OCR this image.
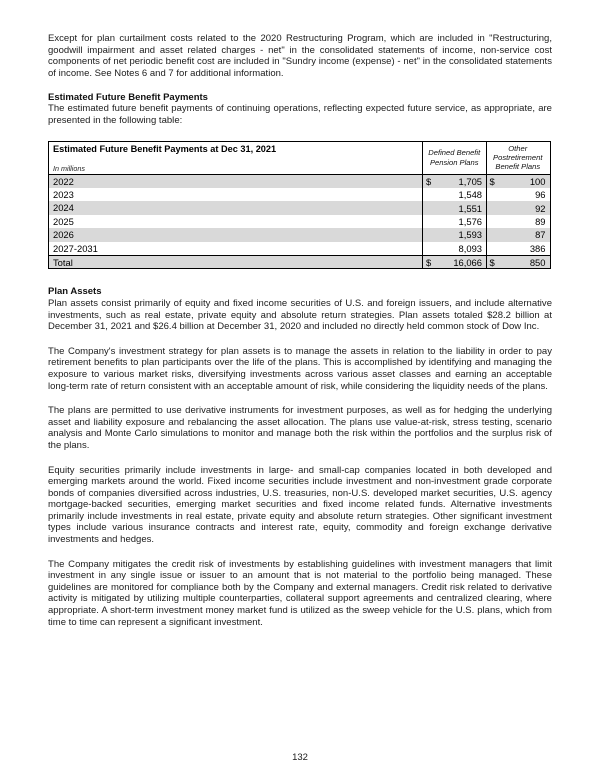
Except for plan curtailment costs related to the 2020 Restructuring Program, which are included in "Restructuring, goodwill impairment and asset related charges - net" in the consolidated statements of income, non-service cost components of net periodic benefit cost are included in "Sundry income (expense) - net" in the consolidated statements of income. See Notes 6 and 7 for additional information.

Estimated Future Benefit Payments

The estimated future benefit payments of continuing operations, reflecting expected future service, as appropriate, are presented in the following table:

Estimated Future Benefit Payments at Dec 31, 2021
In millions
Defined Benefit Pension Plans
Other Postretirement Benefit Plans
2022	$	1,705 $	100
2023	1,548	96
2024	1,551	92
2025	1,576	89
2026	1,593	87
2027-2031	8,093	386
Total	$ 16,066 $	850
Plan Assets

Plan assets consist primarily of equity and fixed income securities of U.S. and foreign issuers, and include alternative investments, such as real estate, private equity and absolute return strategies. Plan assets totaled $28.2 billion at December 31, 2021 and $26.4 billion at December 31, 2020 and included no directly held common stock of Dow Inc.

The Company's investment strategy for plan assets is to manage the assets in relation to the liability in order to pay retirement benefits to plan participants over the life of the plans. This is accomplished by identifying and managing the exposure to various market risks, diversifying investments across various asset classes and earning an acceptable long-term rate of return consistent with an acceptable amount of risk, while considering the liquidity needs of the plans.

The plans are permitted to use derivative instruments for investment purposes, as well as for hedging the underlying asset and liability exposure and rebalancing the asset allocation. The plans use value-at-risk, stress testing, scenario analysis and Monte Carlo simulations to monitor and manage both the risk within the portfolios and the surplus risk of the plans.

Equity securities primarily include investments in large- and small-cap companies located in both developed and emerging markets around the world. Fixed income securities include investment and non-investment grade corporate bonds of companies diversified across industries, U.S. treasuries, non-U.S. developed market securities, U.S. agency mortgage-backed securities, emerging market securities and fixed income related funds. Alternative investments primarily include investments in real estate, private equity and absolute return strategies. Other significant investment types include various insurance contracts and interest rate, equity, commodity and foreign exchange derivative investments and hedges.

The Company mitigates the credit risk of investments by establishing guidelines with investment managers that limit investment in any single issue or issuer to an amount that is not material to the portfolio being managed. These guidelines are monitored for compliance both by the Company and external managers. Credit risk related to derivative activity is mitigated by utilizing multiple counterparties, collateral support agreements and centralized clearing, where appropriate. A short-term investment money market fund is utilized as the sweep vehicle for the U.S. plans, which from time to time can represent a significant investment.

132
